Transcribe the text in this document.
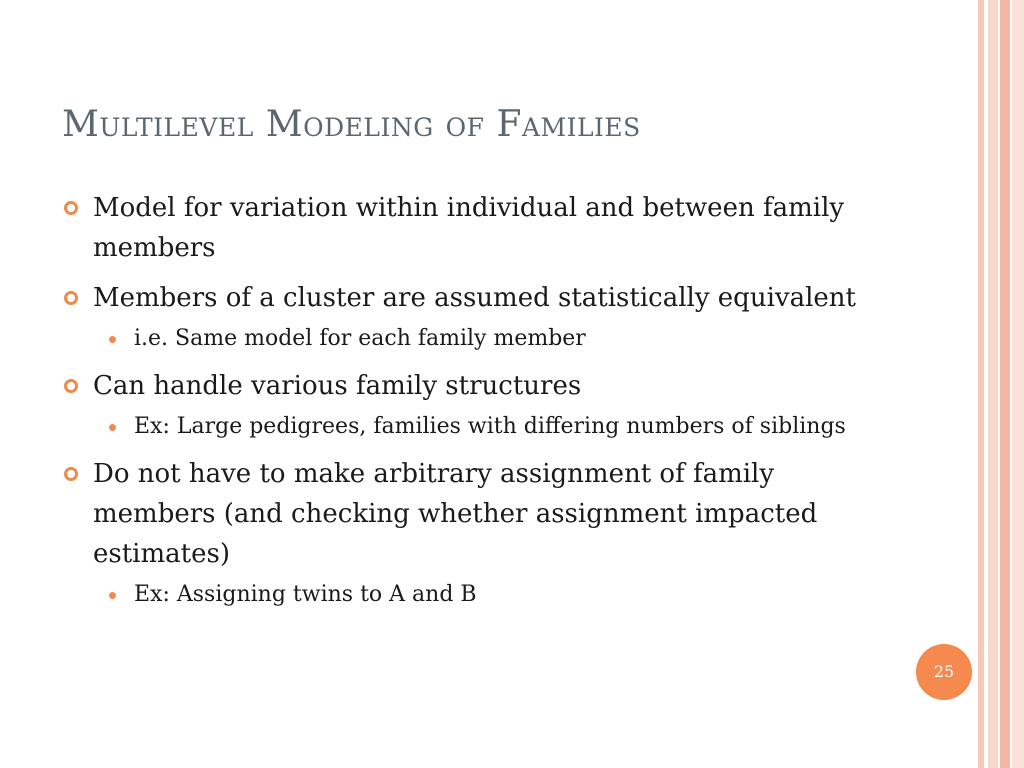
Multilevel Modeling of Families
Model for variation within individual and between family members
Members of a cluster are assumed statistically equivalent
i.e. Same model for each family member
Can handle various family structures
Ex: Large pedigrees, families with differing numbers of siblings
Do not have to make arbitrary assignment of family members (and checking whether assignment impacted estimates)
Ex: Assigning twins to A and B
25
